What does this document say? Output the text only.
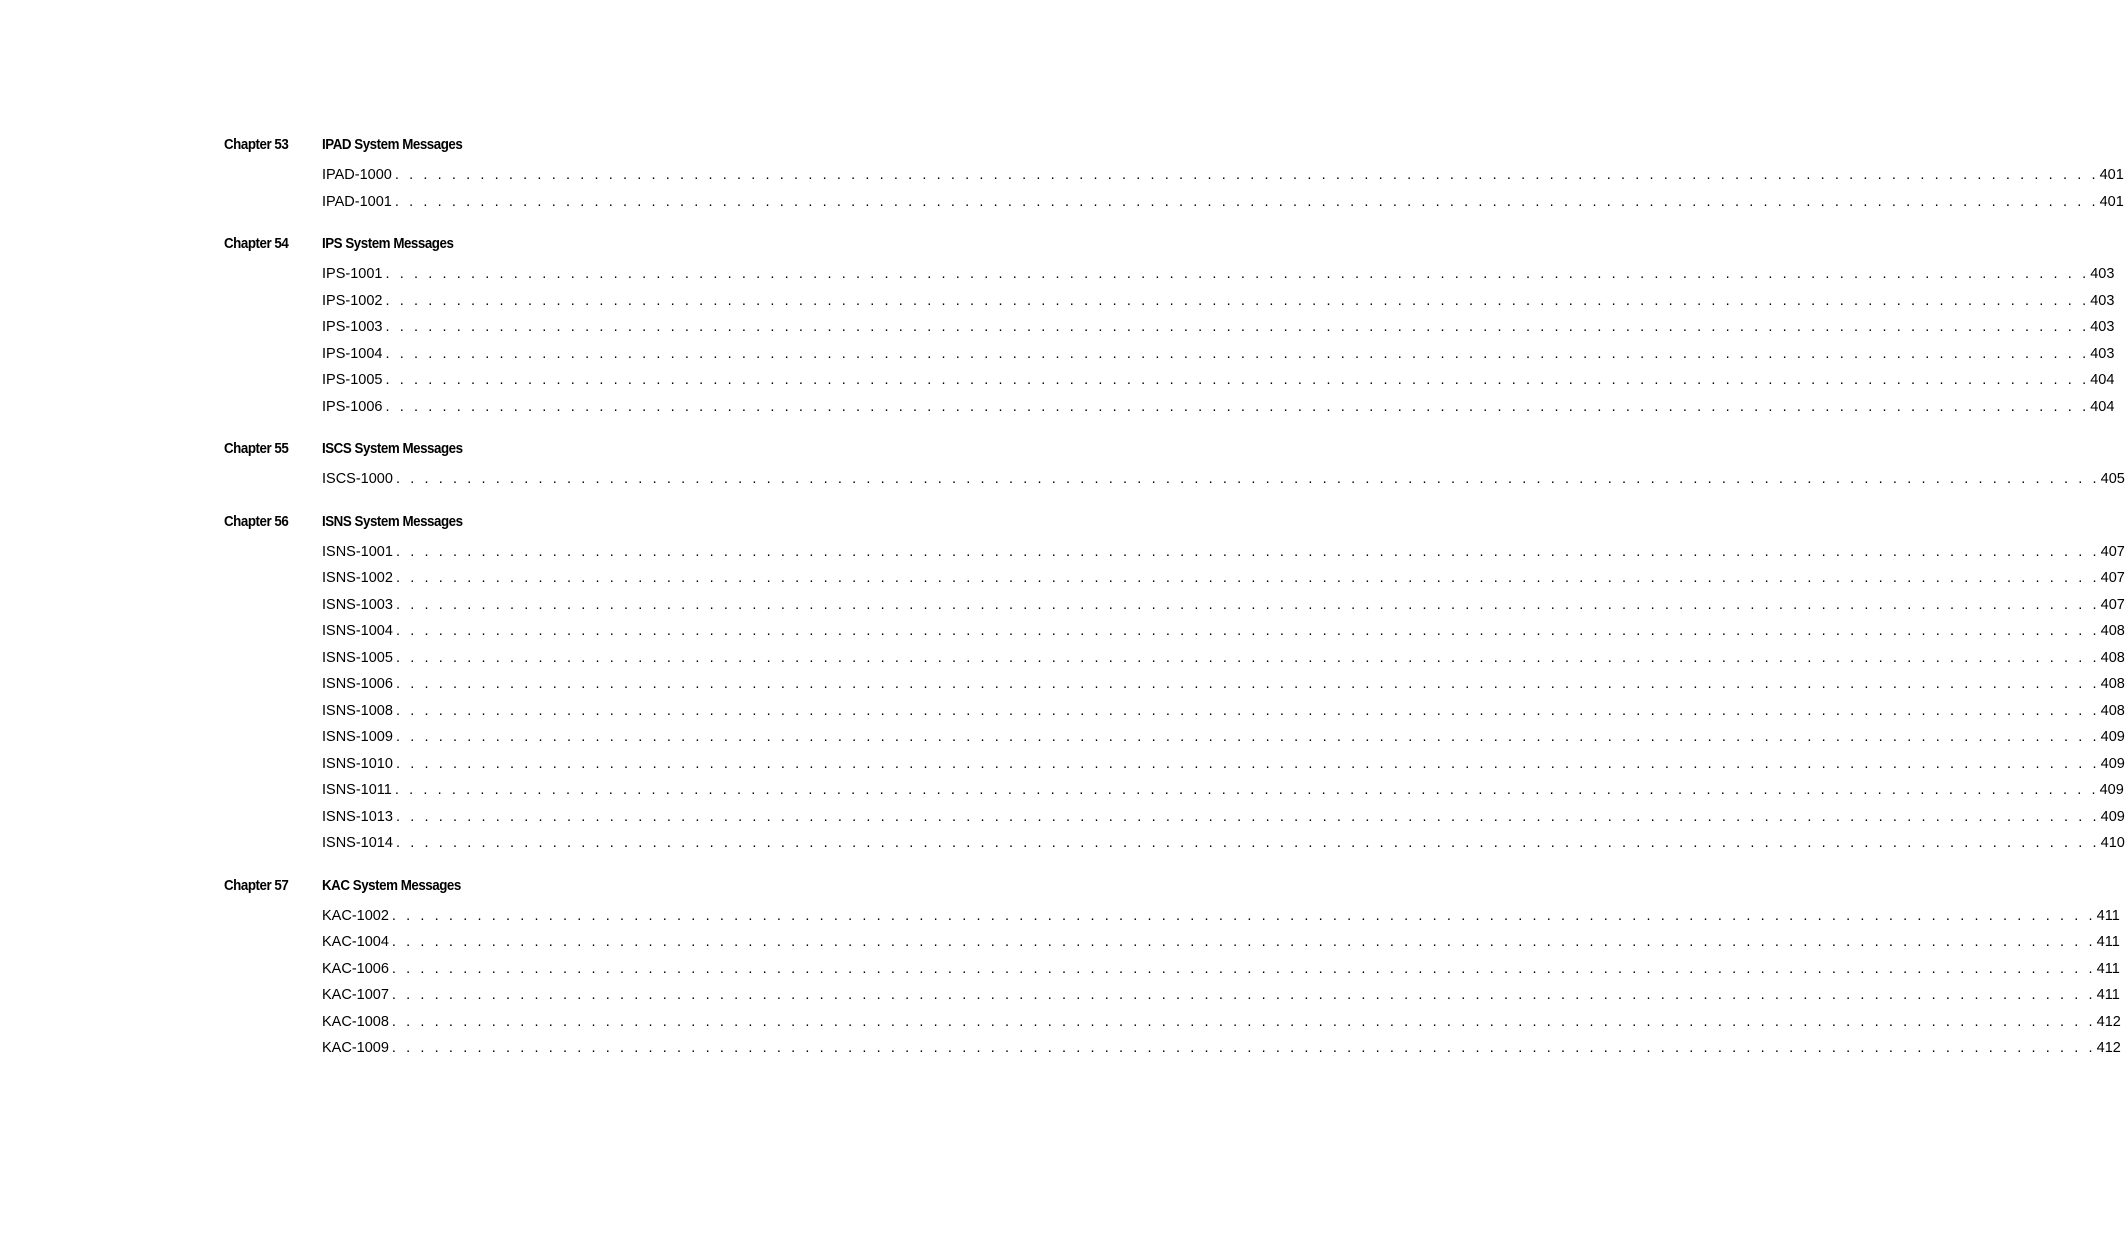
Chapter 53 IPAD System Messages
IPAD-1000 . . . . . . . . . . . . . . . . . . . . . . . . . . . . . . . . . . . . . . . . . . . . . . . . . . . . . . . . . . . . . . . . . . . . . . . . . . . . . . . . . . . . . . . . . . . . . . . . . . . . . . . . . . . . . . . . . . . . . . . . 401
IPAD-1001 . . . . . . . . . . . . . . . . . . . . . . . . . . . . . . . . . . . . . . . . . . . . . . . . . . . . . . . . . . . . . . . . . . . . . . . . . . . . . . . . . . . . . . . . . . . . . . . . . . . . . . . . . . . . . . . . . . . . . . . . 401
Chapter 54 IPS System Messages
IPS-1001 . . . . . . . . . . . . . . . . . . . . . . . . . . . . . . . . . . . . . . . . . . . . . . . . . . . . . . . . . . . . . . . . . . . . . . . . . . . . . . . . . . . . . . . . . . . . . . . . . . . . . . . . . . . . . . . . . . . . . . . . 403
IPS-1002 . . . . . . . . . . . . . . . . . . . . . . . . . . . . . . . . . . . . . . . . . . . . . . . . . . . . . . . . . . . . . . . . . . . . . . . . . . . . . . . . . . . . . . . . . . . . . . . . . . . . . . . . . . . . . . . . . . . . . . . . 403
IPS-1003 . . . . . . . . . . . . . . . . . . . . . . . . . . . . . . . . . . . . . . . . . . . . . . . . . . . . . . . . . . . . . . . . . . . . . . . . . . . . . . . . . . . . . . . . . . . . . . . . . . . . . . . . . . . . . . . . . . . . . . . . 403
IPS-1004 . . . . . . . . . . . . . . . . . . . . . . . . . . . . . . . . . . . . . . . . . . . . . . . . . . . . . . . . . . . . . . . . . . . . . . . . . . . . . . . . . . . . . . . . . . . . . . . . . . . . . . . . . . . . . . . . . . . . . . . . 403
IPS-1005 . . . . . . . . . . . . . . . . . . . . . . . . . . . . . . . . . . . . . . . . . . . . . . . . . . . . . . . . . . . . . . . . . . . . . . . . . . . . . . . . . . . . . . . . . . . . . . . . . . . . . . . . . . . . . . . . . . . . . . . . 404
IPS-1006 . . . . . . . . . . . . . . . . . . . . . . . . . . . . . . . . . . . . . . . . . . . . . . . . . . . . . . . . . . . . . . . . . . . . . . . . . . . . . . . . . . . . . . . . . . . . . . . . . . . . . . . . . . . . . . . . . . . . . . . . 404
Chapter 55 ISCS System Messages
ISCS-1000 . . . . . . . . . . . . . . . . . . . . . . . . . . . . . . . . . . . . . . . . . . . . . . . . . . . . . . . . . . . . . . . . . . . . . . . . . . . . . . . . . . . . . . . . . . . . . . . . . . . . . . . . . . . . . . . . . . . . . . . . 405
Chapter 56 ISNS System Messages
ISNS-1001 . . . . . . . . . . . . . . . . . . . . . . . . . . . . . . . . . . . . . . . . . . . . . . . . . . . . . . . . . . . . . . . . . . . . . . . . . . . . . . . . . . . . . . . . . . . . . . . . . . . . . . . . . . . . . . . . . . . . . . . . 407
ISNS-1002 . . . . . . . . . . . . . . . . . . . . . . . . . . . . . . . . . . . . . . . . . . . . . . . . . . . . . . . . . . . . . . . . . . . . . . . . . . . . . . . . . . . . . . . . . . . . . . . . . . . . . . . . . . . . . . . . . . . . . . . . 407
ISNS-1003 . . . . . . . . . . . . . . . . . . . . . . . . . . . . . . . . . . . . . . . . . . . . . . . . . . . . . . . . . . . . . . . . . . . . . . . . . . . . . . . . . . . . . . . . . . . . . . . . . . . . . . . . . . . . . . . . . . . . . . . . 407
ISNS-1004 . . . . . . . . . . . . . . . . . . . . . . . . . . . . . . . . . . . . . . . . . . . . . . . . . . . . . . . . . . . . . . . . . . . . . . . . . . . . . . . . . . . . . . . . . . . . . . . . . . . . . . . . . . . . . . . . . . . . . . . . 408
ISNS-1005 . . . . . . . . . . . . . . . . . . . . . . . . . . . . . . . . . . . . . . . . . . . . . . . . . . . . . . . . . . . . . . . . . . . . . . . . . . . . . . . . . . . . . . . . . . . . . . . . . . . . . . . . . . . . . . . . . . . . . . . . 408
ISNS-1006 . . . . . . . . . . . . . . . . . . . . . . . . . . . . . . . . . . . . . . . . . . . . . . . . . . . . . . . . . . . . . . . . . . . . . . . . . . . . . . . . . . . . . . . . . . . . . . . . . . . . . . . . . . . . . . . . . . . . . . . . 408
ISNS-1008 . . . . . . . . . . . . . . . . . . . . . . . . . . . . . . . . . . . . . . . . . . . . . . . . . . . . . . . . . . . . . . . . . . . . . . . . . . . . . . . . . . . . . . . . . . . . . . . . . . . . . . . . . . . . . . . . . . . . . . . . 408
ISNS-1009 . . . . . . . . . . . . . . . . . . . . . . . . . . . . . . . . . . . . . . . . . . . . . . . . . . . . . . . . . . . . . . . . . . . . . . . . . . . . . . . . . . . . . . . . . . . . . . . . . . . . . . . . . . . . . . . . . . . . . . . . 409
ISNS-1010 . . . . . . . . . . . . . . . . . . . . . . . . . . . . . . . . . . . . . . . . . . . . . . . . . . . . . . . . . . . . . . . . . . . . . . . . . . . . . . . . . . . . . . . . . . . . . . . . . . . . . . . . . . . . . . . . . . . . . . . . 409
ISNS-1011 . . . . . . . . . . . . . . . . . . . . . . . . . . . . . . . . . . . . . . . . . . . . . . . . . . . . . . . . . . . . . . . . . . . . . . . . . . . . . . . . . . . . . . . . . . . . . . . . . . . . . . . . . . . . . . . . . . . . . . . . 409
ISNS-1013 . . . . . . . . . . . . . . . . . . . . . . . . . . . . . . . . . . . . . . . . . . . . . . . . . . . . . . . . . . . . . . . . . . . . . . . . . . . . . . . . . . . . . . . . . . . . . . . . . . . . . . . . . . . . . . . . . . . . . . . . 409
ISNS-1014 . . . . . . . . . . . . . . . . . . . . . . . . . . . . . . . . . . . . . . . . . . . . . . . . . . . . . . . . . . . . . . . . . . . . . . . . . . . . . . . . . . . . . . . . . . . . . . . . . . . . . . . . . . . . . . . . . . . . . . . . 410
Chapter 57 KAC System Messages
KAC-1002 . . . . . . . . . . . . . . . . . . . . . . . . . . . . . . . . . . . . . . . . . . . . . . . . . . . . . . . . . . . . . . . . . . . . . . . . . . . . . . . . . . . . . . . . . . . . . . . . . . . . . . . . . . . . . . . . . . . . . . . . 411
KAC-1004 . . . . . . . . . . . . . . . . . . . . . . . . . . . . . . . . . . . . . . . . . . . . . . . . . . . . . . . . . . . . . . . . . . . . . . . . . . . . . . . . . . . . . . . . . . . . . . . . . . . . . . . . . . . . . . . . . . . . . . . . 411
KAC-1006 . . . . . . . . . . . . . . . . . . . . . . . . . . . . . . . . . . . . . . . . . . . . . . . . . . . . . . . . . . . . . . . . . . . . . . . . . . . . . . . . . . . . . . . . . . . . . . . . . . . . . . . . . . . . . . . . . . . . . . . . 411
KAC-1007 . . . . . . . . . . . . . . . . . . . . . . . . . . . . . . . . . . . . . . . . . . . . . . . . . . . . . . . . . . . . . . . . . . . . . . . . . . . . . . . . . . . . . . . . . . . . . . . . . . . . . . . . . . . . . . . . . . . . . . . . 411
KAC-1008 . . . . . . . . . . . . . . . . . . . . . . . . . . . . . . . . . . . . . . . . . . . . . . . . . . . . . . . . . . . . . . . . . . . . . . . . . . . . . . . . . . . . . . . . . . . . . . . . . . . . . . . . . . . . . . . . . . . . . . . . 412
KAC-1009 . . . . . . . . . . . . . . . . . . . . . . . . . . . . . . . . . . . . . . . . . . . . . . . . . . . . . . . . . . . . . . . . . . . . . . . . . . . . . . . . . . . . . . . . . . . . . . . . . . . . . . . . . . . . . . . . . . . . . . . . 412
